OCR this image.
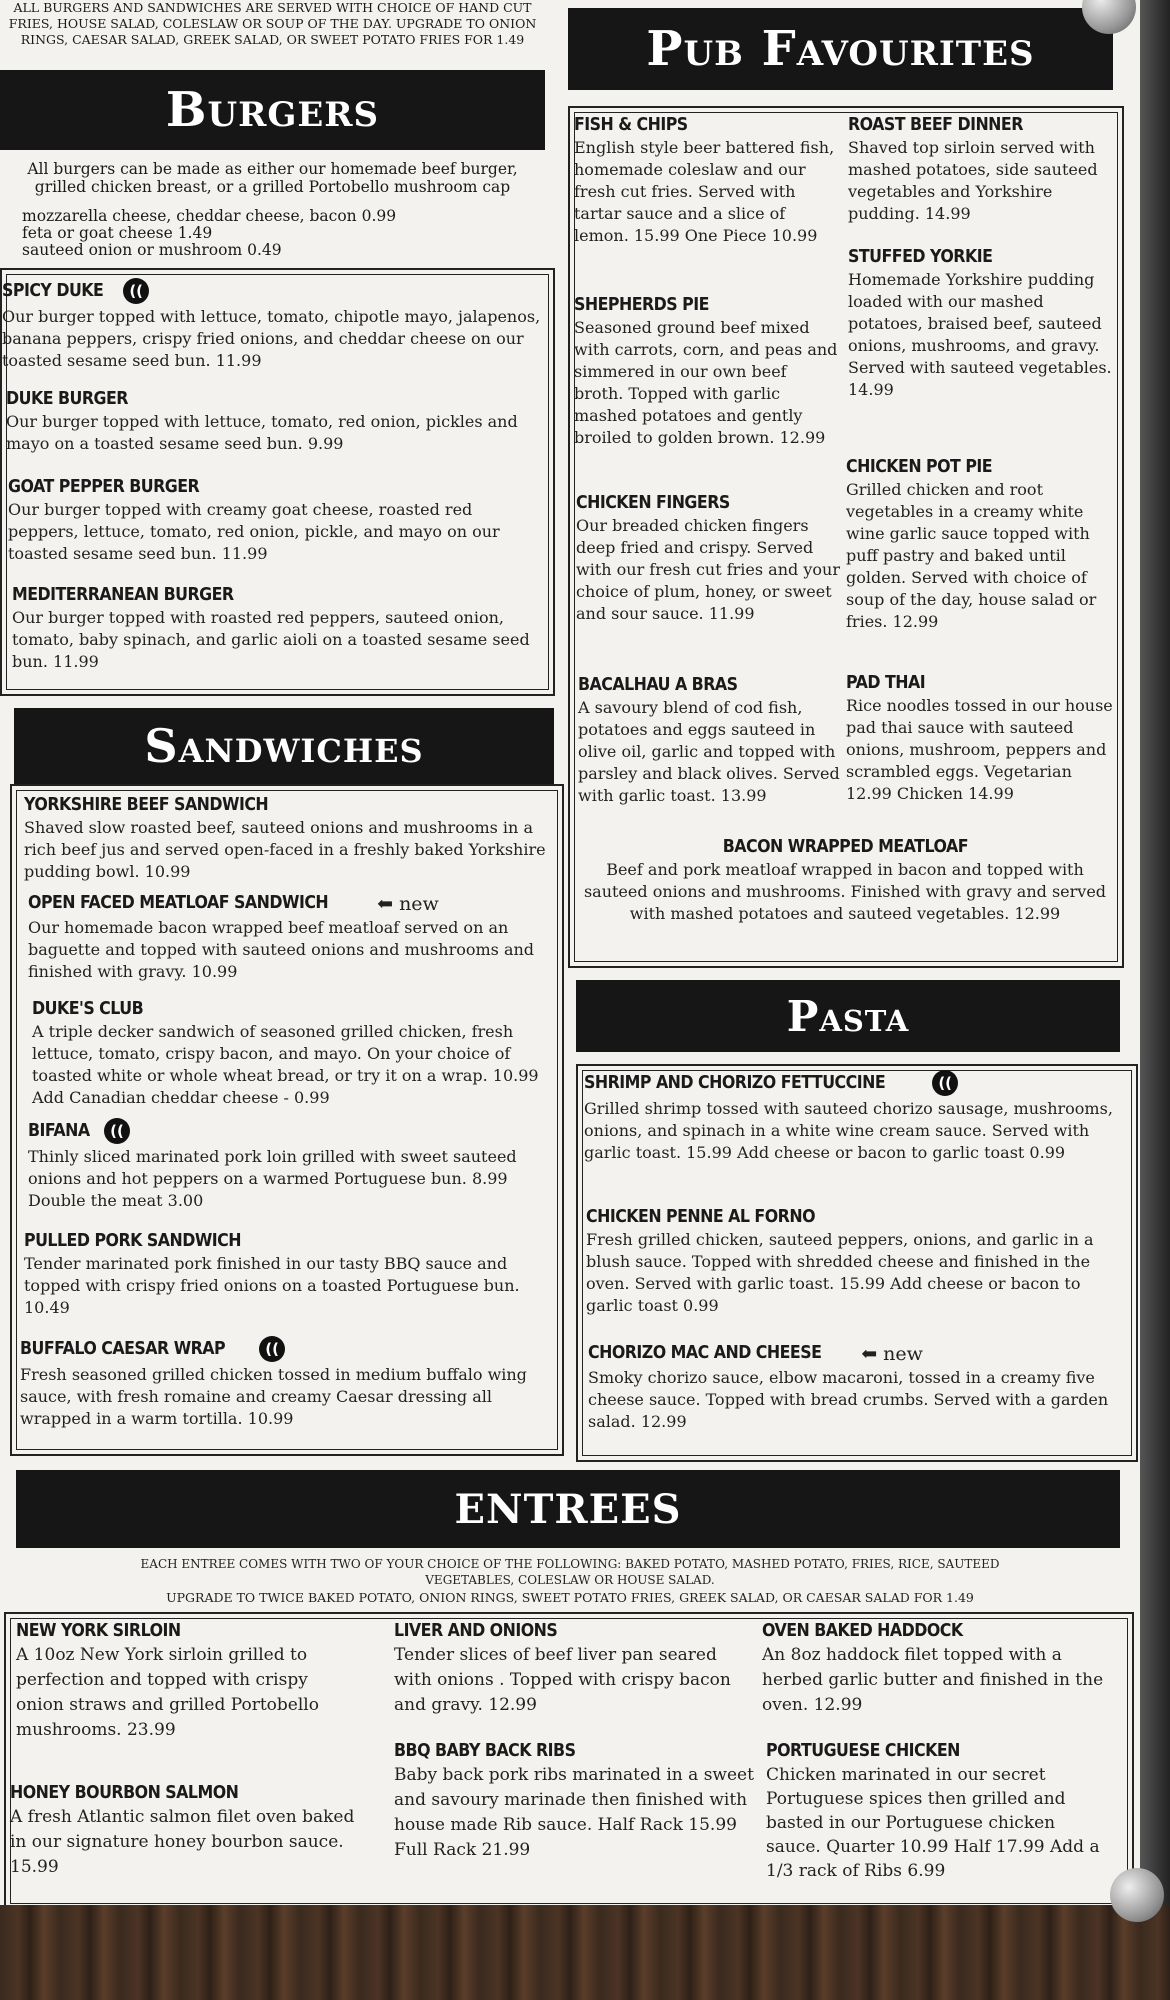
ALL BURGERS AND SANDWICHES ARE SERVED WITH CHOICE OF HAND CUT FRIES, HOUSE SALAD, COLESLAW OR SOUP OF THE DAY. UPGRADE TO ONION RINGS, CAESAR SALAD, GREEK SALAD, OR SWEET POTATO FRIES FOR 1.49
Burgers
All burgers can be made as either our homemade beef burger, grilled chicken breast, or a grilled Portobello mushroom cap
mozzarella cheese, cheddar cheese, bacon 0.99
feta or goat cheese 1.49
sauteed onion or mushroom 0.49
SPICY DUKE ((
Our burger topped with lettuce, tomato, chipotle mayo, jalapenos, banana peppers, crispy fried onions, and cheddar cheese on our toasted sesame seed bun. 11.99
DUKE BURGER
Our burger topped with lettuce, tomato, red onion, pickles and mayo on a toasted sesame seed bun. 9.99
GOAT PEPPER BURGER
Our burger topped with creamy goat cheese, roasted red peppers, lettuce, tomato, red onion, pickle, and mayo on our toasted sesame seed bun. 11.99
MEDITERRANEAN BURGER
Our burger topped with roasted red peppers, sauteed onion, tomato, baby spinach, and garlic aioli on a toasted sesame seed bun. 11.99
Sandwiches
YORKSHIRE BEEF SANDWICH
Shaved slow roasted beef, sauteed onions and mushrooms in a rich beef jus and served open-faced in a freshly baked Yorkshire pudding bowl. 10.99
OPEN FACED MEATLOAF SANDWICH	⬅ new
Our homemade bacon wrapped beef meatloaf served on an baguette and topped with sauteed onions and mushrooms and finished with gravy. 10.99
DUKE'S CLUB
A triple decker sandwich of seasoned grilled chicken, fresh lettuce, tomato, crispy bacon, and mayo. On your choice of toasted white or whole wheat bread, or try it on a wrap. 10.99 Add Canadian cheddar cheese - 0.99
BIFANA ((
Thinly sliced marinated pork loin grilled with sweet sauteed onions and hot peppers on a warmed Portuguese bun. 8.99 Double the meat 3.00
PULLED PORK SANDWICH
Tender marinated pork finished in our tasty BBQ sauce and topped with crispy fried onions on a toasted Portuguese bun. 10.49
BUFFALO CAESAR WRAP	((
Fresh seasoned grilled chicken tossed in medium buffalo wing sauce, with fresh romaine and creamy Caesar dressing all wrapped in a warm tortilla. 10.99
Pub Favourites
FISH & CHIPS
English style beer battered fish, homemade coleslaw and our fresh cut fries. Served with tartar sauce and a slice of lemon. 15.99 One Piece 10.99
SHEPHERDS PIE
Seasoned ground beef mixed with carrots, corn, and peas and simmered in our own beef broth. Topped with garlic mashed potatoes and gently broiled to golden brown. 12.99
CHICKEN FINGERS
Our breaded chicken fingers deep fried and crispy. Served with our fresh cut fries and your choice of plum, honey, or sweet and sour sauce. 11.99
BACALHAU A BRAS
A savoury blend of cod fish, potatoes and eggs sauteed in olive oil, garlic and topped with parsley and black olives. Served with garlic toast. 13.99
ROAST BEEF DINNER
Shaved top sirloin served with mashed potatoes, side sauteed vegetables and Yorkshire pudding. 14.99
STUFFED YORKIE
Homemade Yorkshire pudding loaded with our mashed potatoes, braised beef, sauteed onions, mushrooms, and gravy. Served with sauteed vegetables. 14.99
CHICKEN POT PIE
Grilled chicken and root vegetables in a creamy white wine garlic sauce topped with puff pastry and baked until golden. Served with choice of soup of the day, house salad or fries. 12.99
PAD THAI
Rice noodles tossed in our house pad thai sauce with sauteed onions, mushroom, peppers and scrambled eggs. Vegetarian 12.99 Chicken 14.99
BACON WRAPPED MEATLOAF
Beef and pork meatloaf wrapped in bacon and topped with sauteed onions and mushrooms. Finished with gravy and served with mashed potatoes and sauteed vegetables. 12.99
Pasta
SHRIMP AND CHORIZO FETTUCCINE	((
Grilled shrimp tossed with sauteed chorizo sausage, mushrooms, onions, and spinach in a white wine cream sauce. Served with garlic toast. 15.99 Add cheese or bacon to garlic toast 0.99
CHICKEN PENNE AL FORNO
Fresh grilled chicken, sauteed peppers, onions, and garlic in a blush sauce. Topped with shredded cheese and finished in the oven. Served with garlic toast. 15.99 Add cheese or bacon to garlic toast 0.99
CHORIZO MAC AND CHEESE ⬅ new
Smoky chorizo sauce, elbow macaroni, tossed in a creamy five cheese sauce. Topped with bread crumbs. Served with a garden salad. 12.99
ENTREES
EACH ENTREE COMES WITH TWO OF YOUR CHOICE OF THE FOLLOWING: BAKED POTATO, MASHED POTATO, FRIES, RICE, SAUTEED VEGETABLES, COLESLAW OR HOUSE SALAD.
UPGRADE TO TWICE BAKED POTATO, ONION RINGS, SWEET POTATO FRIES, GREEK SALAD, OR CAESAR SALAD FOR 1.49
NEW YORK SIRLOIN
A 10oz New York sirloin grilled to perfection and topped with crispy onion straws and grilled Portobello mushrooms. 23.99
HONEY BOURBON SALMON
A fresh Atlantic salmon filet oven baked in our signature honey bourbon sauce. 15.99
LIVER AND ONIONS
Tender slices of beef liver pan seared with onions . Topped with crispy bacon and gravy. 12.99
BBQ BABY BACK RIBS
Baby back pork ribs marinated in a sweet and savoury marinade then finished with house made Rib sauce. Half Rack 15.99 Full Rack 21.99
OVEN BAKED HADDOCK
An 8oz haddock filet topped with a herbed garlic butter and finished in the oven. 12.99
PORTUGUESE CHICKEN
Chicken marinated in our secret Portuguese spices then grilled and basted in our Portuguese chicken sauce. Quarter 10.99 Half 17.99 Add a 1/3 rack of Ribs 6.99
